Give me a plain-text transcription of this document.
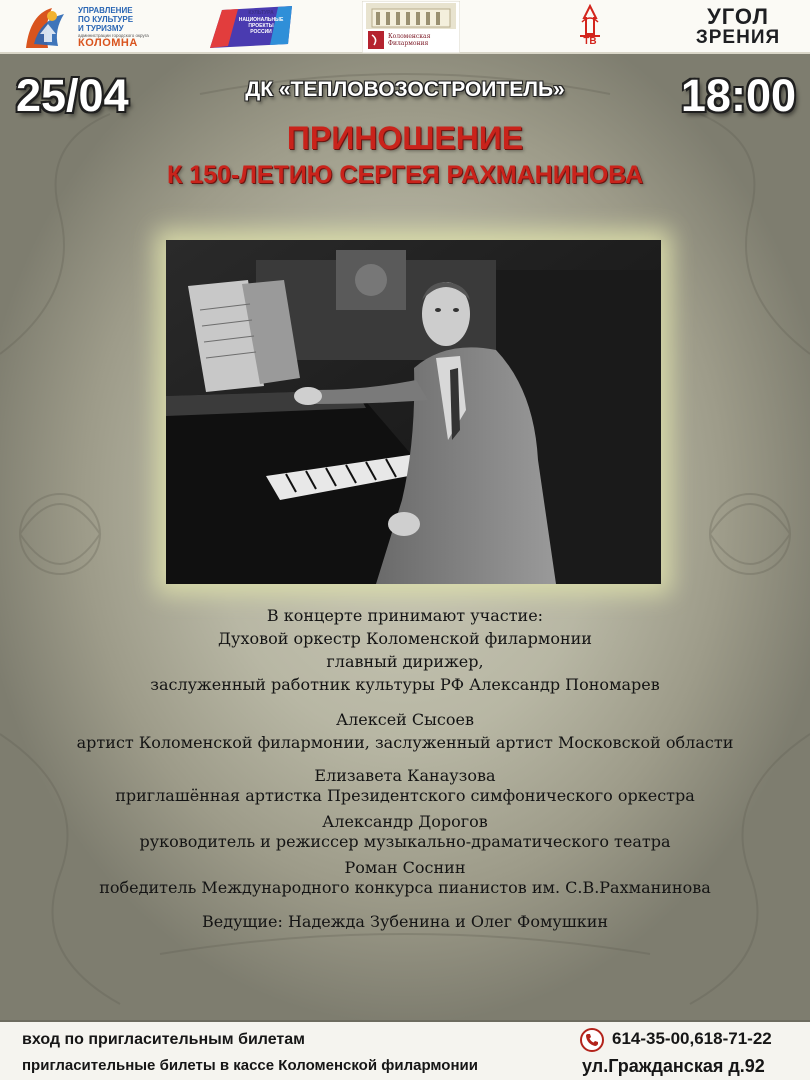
УПРАВЛЕНИЕ
ПО КУЛЬТУРЕ
И ТУРИЗМУ
администрации городского округа
КОЛОМНА
КУЛЬТУРА
НАЦИОНАЛЬНЫЕ
ПРОЕКТЫ
РОССИИ
Коломенская
Филармония	ТВ
УГОЛ
ЗРЕНИЯ
25/04	ДК «ТЕПЛОВОЗОСТРОИТЕЛЬ»	18:00
ПРИНОШЕНИЕ
К 150-ЛЕТИЮ СЕРГЕЯ РАХМАНИНОВА
В концерте принимают участие:
Духовой оркестр Коломенской филармонии
главный дирижер,
заслуженный работник культуры РФ Александр Пономарев
Алексей Сысоев
артист Коломенской филармонии, заслуженный артист Московской области
Елизавета Канаузова
приглашённая артистка Президентского симфонического оркестра
Александр Дорогов
руководитель и режиссер музыкально-драматического театра
Роман Соснин
победитель Международного конкурса пианистов им. С.В.Рахманинова
Ведущие: Надежда Зубенина и Олег Фомушкин
вход по пригласительным билетам
пригласительные билеты в кассе Коломенской филармонии
614-35-00,618-71-22
ул.Гражданская д.92
